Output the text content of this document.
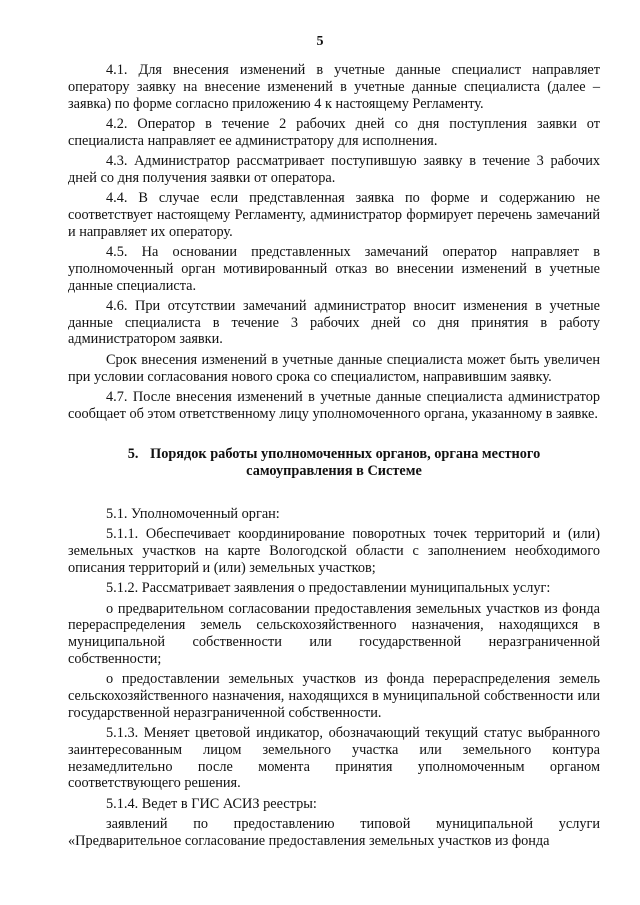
5

4.1. Для внесения изменений в учетные данные специалист направляет оператору заявку на внесение изменений в учетные данные специалиста (далее – заявка) по форме согласно приложению 4 к настоящему Регламенту.

4.2. Оператор в течение 2 рабочих дней со дня поступления заявки от специалиста направляет ее администратору для исполнения.

4.3. Администратор рассматривает поступившую заявку в течение 3 рабочих дней со дня получения заявки от оператора.

4.4. В случае если представленная заявка по форме и содержанию не соответствует настоящему Регламенту, администратор формирует перечень замечаний и направляет их оператору.

4.5. На основании представленных замечаний оператор направляет в уполномоченный орган мотивированный отказ во внесении изменений в учетные данные специалиста.

4.6. При отсутствии замечаний администратор вносит изменения в учетные данные специалиста в течение 3 рабочих дней со дня принятия в работу администратором заявки.

Срок внесения изменений в учетные данные специалиста может быть увеличен при условии согласования нового срока со специалистом, направившим заявку.

4.7. После внесения изменений в учетные данные специалиста администратор сообщает об этом ответственному лицу уполномоченного органа, указанному в заявке.

5. Порядок работы уполномоченных органов, органа местного самоуправления в Системе

5.1. Уполномоченный орган:

5.1.1. Обеспечивает координирование поворотных точек территорий и (или) земельных участков на карте Вологодской области с заполнением необходимого описания территорий и (или) земельных участков;

5.1.2. Рассматривает заявления о предоставлении муниципальных услуг:

о предварительном согласовании предоставления земельных участков из фонда перераспределения земель сельскохозяйственного назначения, находящихся в муниципальной собственности или государственной неразграниченной собственности;

о предоставлении земельных участков из фонда перераспределения земель сельскохозяйственного назначения, находящихся в муниципальной собственности или государственной неразграниченной собственности.

5.1.3. Меняет цветовой индикатор, обозначающий текущий статус выбранного заинтересованным лицом земельного участка или земельного контура незамедлительно после момента принятия уполномоченным органом соответствующего решения.

5.1.4. Ведет в ГИС АСИЗ реестры:

заявлений по предоставлению типовой муниципальной услуги «Предварительное согласование предоставления земельных участков из фонда
